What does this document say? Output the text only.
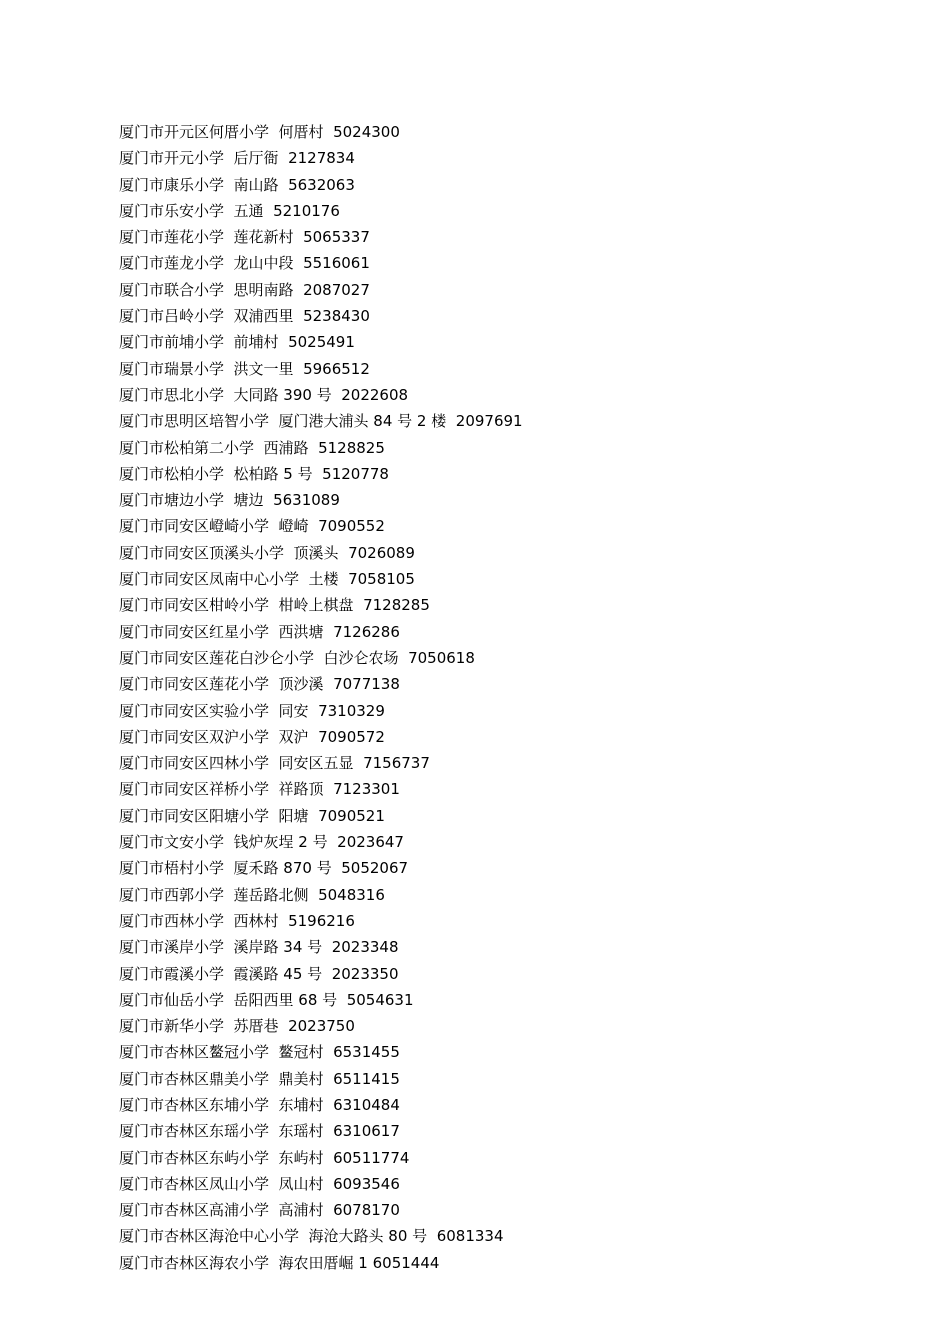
厦门市开元区何厝小学  何厝村  5024300
厦门市开元小学  后厅衙  2127834
厦门市康乐小学  南山路  5632063
厦门市乐安小学  五通  5210176
厦门市莲花小学  莲花新村  5065337
厦门市莲龙小学  龙山中段  5516061
厦门市联合小学  思明南路  2087027
厦门市吕岭小学  双浦西里  5238430
厦门市前埔小学  前埔村  5025491
厦门市瑞景小学  洪文一里  5966512
厦门市思北小学  大同路 390 号  2022608
厦门市思明区培智小学  厦门港大浦头 84 号 2 楼  2097691
厦门市松柏第二小学  西浦路  5128825
厦门市松柏小学  松柏路 5 号  5120778
厦门市塘边小学  塘边  5631089
厦门市同安区嶝崎小学  嶝崎  7090552
厦门市同安区顶溪头小学  顶溪头  7026089
厦门市同安区凤南中心小学  土楼  7058105
厦门市同安区柑岭小学  柑岭上棋盘  7128285
厦门市同安区红星小学  西洪塘  7126286
厦门市同安区莲花白沙仑小学  白沙仑农场  7050618
厦门市同安区莲花小学  顶沙溪  7077138
厦门市同安区实验小学  同安  7310329
厦门市同安区双沪小学  双沪  7090572
厦门市同安区四林小学  同安区五显  7156737
厦门市同安区祥桥小学  祥路顶  7123301
厦门市同安区阳塘小学  阳塘  7090521
厦门市文安小学  钱炉灰埕 2 号  2023647
厦门市梧村小学  厦禾路 870 号  5052067
厦门市西郭小学  莲岳路北侧  5048316
厦门市西林小学  西林村  5196216
厦门市溪岸小学  溪岸路 34 号  2023348
厦门市霞溪小学  霞溪路 45 号  2023350
厦门市仙岳小学  岳阳西里 68 号  5054631
厦门市新华小学  苏厝巷  2023750
厦门市杏林区鳌冠小学  鳌冠村  6531455
厦门市杏林区鼎美小学  鼎美村  6511415
厦门市杏林区东埔小学  东埔村  6310484
厦门市杏林区东瑶小学  东瑶村  6310617
厦门市杏林区东屿小学  东屿村  60511774
厦门市杏林区凤山小学  凤山村  6093546
厦门市杏林区高浦小学  高浦村  6078170
厦门市杏林区海沧中心小学  海沧大路头 80 号  6081334
厦门市杏林区海农小学  海农田厝崛 1 6051444
